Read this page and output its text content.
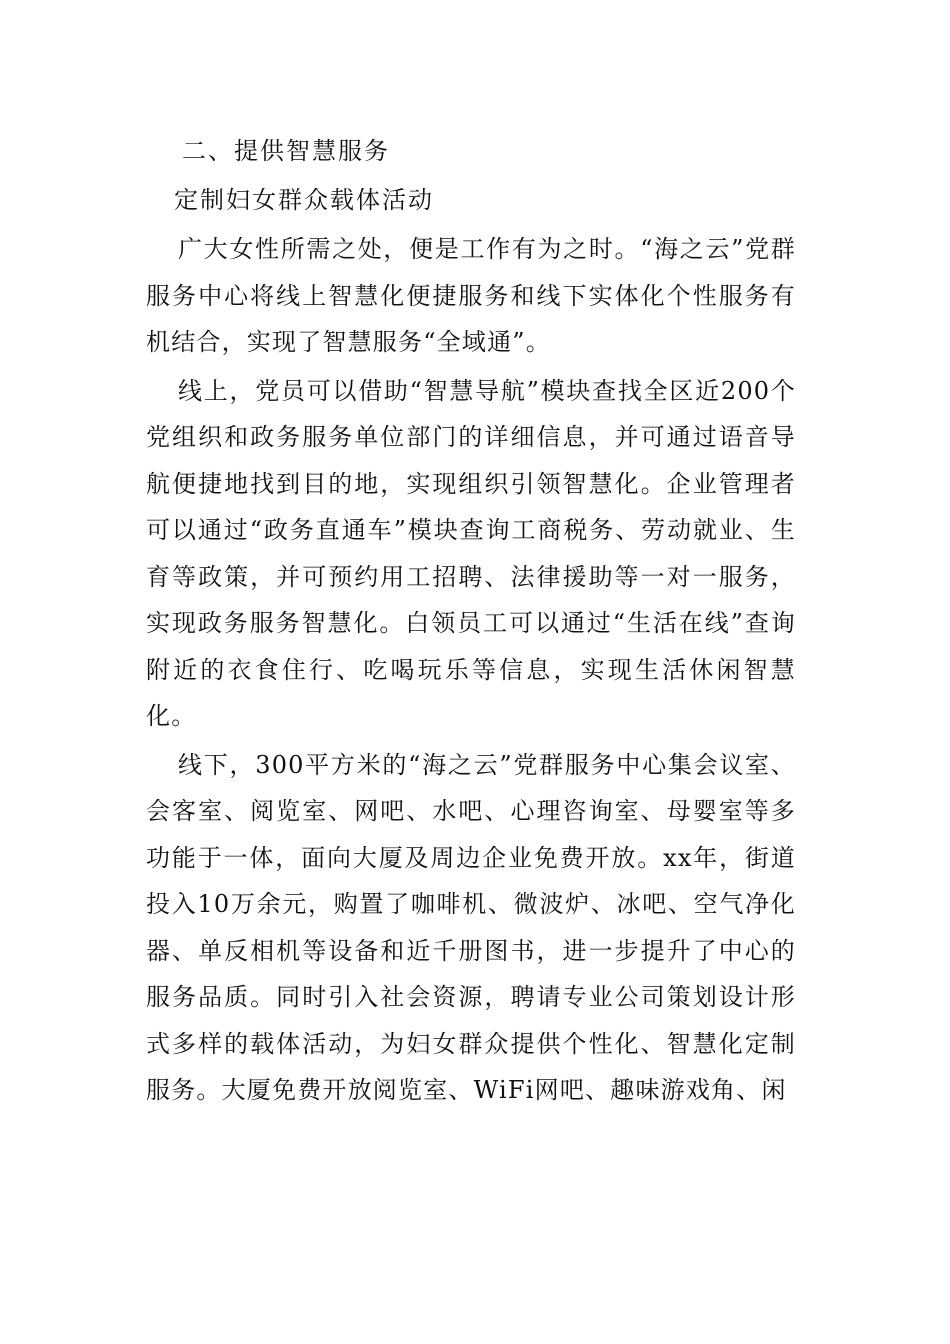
二、提供智慧服务

定制妇女群众载体活动

广大女性所需之处，便是工作有为之时。“海之云”党群服务中心将线上智慧化便捷服务和线下实体化个性服务有机结合，实现了智慧服务“全域通”。

线上，党员可以借助“智慧导航”模块查找全区近200个党组织和政务服务单位部门的详细信息，并可通过语音导航便捷地找到目的地，实现组织引领智慧化。企业管理者可以通过“政务直通车”模块查询工商税务、劳动就业、生育等政策，并可预约用工招聘、法律援助等一对一服务，实现政务服务智慧化。白领员工可以通过“生活在线”查询附近的衣食住行、吃喝玩乐等信息，实现生活休闲智慧化。

线下，300平方米的“海之云”党群服务中心集会议室、会客室、阅览室、网吧、水吧、心理咨询室、母婴室等多功能于一体，面向大厦及周边企业免费开放。xx年，街道投入10万余元，购置了咖啡机、微波炉、冰吧、空气净化器、单反相机等设备和近千册图书，进一步提升了中心的服务品质。同时引入社会资源，聘请专业公司策划设计形式多样的载体活动，为妇女群众提供个性化、智慧化定制服务。大厦免费开放阅览室、WiFi网吧、趣味游戏角、闲
